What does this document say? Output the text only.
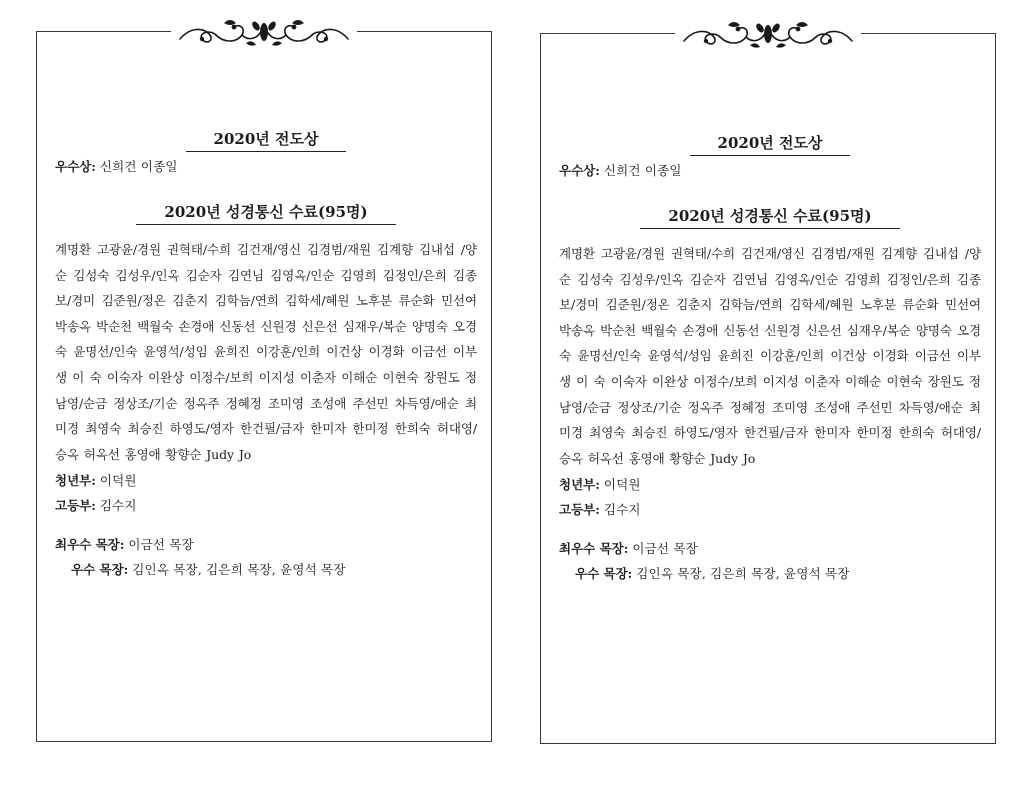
2020년 전도상

우수상: 신희건 이종일

2020년 성경통신 수료(95명)

계명환 고광윤/경원 권혁태/수희 김건재/영신 김경범/재원 김계향 김내섭 /양순 김성숙 김성우/인옥 김순자 김연님 김영옥/인순 김영희 김정인/은희 김종보/경미 김준원/정온 김춘지 김학늠/연희 김학세/혜원 노후분 류순화 민선여 박송옥 박순천 백월숙 손경애 신동선 신원경 신은선 심재우/복순 양명숙 오경숙 윤명선/인숙 윤영석/성임 윤희진 이강훈/인희 이건상 이경화 이금선 이부생 이 숙 이숙자 이완상 이정수/보희 이지성 이춘자 이해순 이현숙 장원도 정남영/순금 정상조/기순 정옥주 정혜정 조미영 조성애 주선민 차득영/애순 최미경 최영숙 최승진 하영도/영자 한건필/금자 한미자 한미정 한희숙 허대영/승옥 허옥선 홍영애 황향순 Judy Jo

청년부: 이덕원

고등부: 김수지

최우수 목장: 이금선 목장

우수 목장: 김인옥 목장, 김은희 목장, 윤영석 목장

2020년 전도상

우수상: 신희건 이종일

2020년 성경통신 수료(95명)

계명환 고광윤/경원 권혁태/수희 김건재/영신 김경범/재원 김계향 김내섭 /양순 김성숙 김성우/인옥 김순자 김연님 김영옥/인순 김영희 김정인/은희 김종보/경미 김준원/정온 김춘지 김학늠/연희 김학세/혜원 노후분 류순화 민선여 박송옥 박순천 백월숙 손경애 신동선 신원경 신은선 심재우/복순 양명숙 오경숙 윤명선/인숙 윤영석/성임 윤희진 이강훈/인희 이건상 이경화 이금선 이부생 이 숙 이숙자 이완상 이정수/보희 이지성 이춘자 이해순 이현숙 장원도 정남영/순금 정상조/기순 정옥주 정혜정 조미영 조성애 주선민 차득영/애순 최미경 최영숙 최승진 하영도/영자 한건필/금자 한미자 한미정 한희숙 허대영/승옥 허옥선 홍영애 황향순 Judy Jo

청년부: 이덕원

고등부: 김수지

최우수 목장: 이금선 목장

우수 목장: 김인옥 목장, 김은희 목장, 윤영석 목장
